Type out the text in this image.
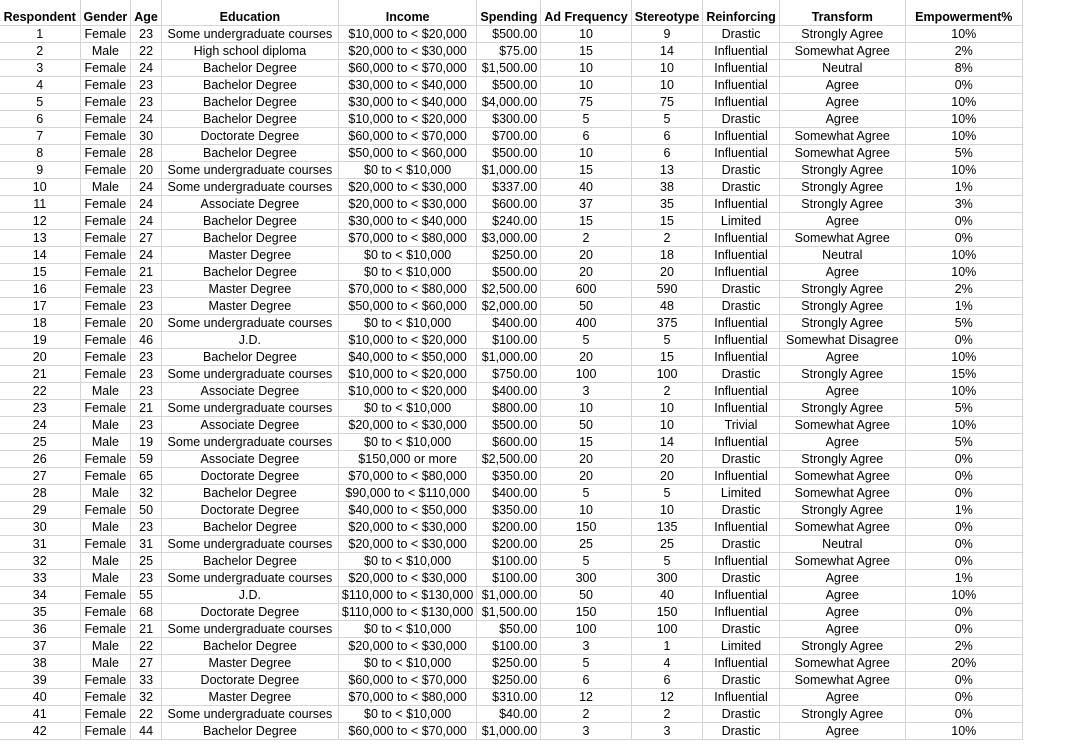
Respondent	Gender	Age	Education	Income	Spending	Ad Frequency	Stereotype	Reinforcing	Transform	Empowerment%
1	Female	23	Some undergraduate courses	$10,000 to < $20,000	$500.00	10	9	Drastic	Strongly Agree	10%
2	Male	22	High school diploma	$20,000 to < $30,000	$75.00	15	14	Influential	Somewhat Agree	2%
3	Female	24	Bachelor Degree	$60,000 to < $70,000	$1,500.00	10	10	Influential	Neutral	8%
4	Female	23	Bachelor Degree	$30,000 to < $40,000	$500.00	10	10	Influential	Agree	0%
5	Female	23	Bachelor Degree	$30,000 to < $40,000	$4,000.00	75	75	Influential	Agree	10%
6	Female	24	Bachelor Degree	$10,000 to < $20,000	$300.00	5	5	Drastic	Agree	10%
7	Female	30	Doctorate Degree	$60,000 to < $70,000	$700.00	6	6	Influential	Somewhat Agree	10%
8	Female	28	Bachelor Degree	$50,000 to < $60,000	$500.00	10	6	Influential	Somewhat Agree	5%
9	Female	20	Some undergraduate courses	$0 to < $10,000	$1,000.00	15	13	Drastic	Strongly Agree	10%
10	Male	24	Some undergraduate courses	$20,000 to < $30,000	$337.00	40	38	Drastic	Strongly Agree	1%
11	Female	24	Associate Degree	$20,000 to < $30,000	$600.00	37	35	Influential	Strongly Agree	3%
12	Female	24	Bachelor Degree	$30,000 to < $40,000	$240.00	15	15	Limited	Agree	0%
13	Female	27	Bachelor Degree	$70,000 to < $80,000	$3,000.00	2	2	Influential	Somewhat Agree	0%
14	Female	24	Master Degree	$0 to < $10,000	$250.00	20	18	Influential	Neutral	10%
15	Female	21	Bachelor Degree	$0 to < $10,000	$500.00	20	20	Influential	Agree	10%
16	Female	23	Master Degree	$70,000 to < $80,000	$2,500.00	600	590	Drastic	Strongly Agree	2%
17	Female	23	Master Degree	$50,000 to < $60,000	$2,000.00	50	48	Drastic	Strongly Agree	1%
18	Female	20	Some undergraduate courses	$0 to < $10,000	$400.00	400	375	Influential	Strongly Agree	5%
19	Female	46	J.D.	$10,000 to < $20,000	$100.00	5	5	Influential	Somewhat Disagree	0%
20	Female	23	Bachelor Degree	$40,000 to < $50,000	$1,000.00	20	15	Influential	Agree	10%
21	Female	23	Some undergraduate courses	$10,000 to < $20,000	$750.00	100	100	Drastic	Strongly Agree	15%
22	Male	23	Associate Degree	$10,000 to < $20,000	$400.00	3	2	Influential	Agree	10%
23	Female	21	Some undergraduate courses	$0 to < $10,000	$800.00	10	10	Influential	Strongly Agree	5%
24	Male	23	Associate Degree	$20,000 to < $30,000	$500.00	50	10	Trivial	Somewhat Agree	10%
25	Male	19	Some undergraduate courses	$0 to < $10,000	$600.00	15	14	Influential	Agree	5%
26	Female	59	Associate Degree	$150,000 or more	$2,500.00	20	20	Drastic	Strongly Agree	0%
27	Female	65	Doctorate Degree	$70,000 to < $80,000	$350.00	20	20	Influential	Somewhat Agree	0%
28	Male	32	Bachelor Degree	$90,000 to < $110,000	$400.00	5	5	Limited	Somewhat Agree	0%
29	Female	50	Doctorate Degree	$40,000 to < $50,000	$350.00	10	10	Drastic	Strongly Agree	1%
30	Male	23	Bachelor Degree	$20,000 to < $30,000	$200.00	150	135	Influential	Somewhat Agree	0%
31	Female	31	Some undergraduate courses	$20,000 to < $30,000	$200.00	25	25	Drastic	Neutral	0%
32	Male	25	Bachelor Degree	$0 to < $10,000	$100.00	5	5	Influential	Somewhat Agree	0%
33	Male	23	Some undergraduate courses	$20,000 to < $30,000	$100.00	300	300	Drastic	Agree	1%
34	Female	55	J.D.	$110,000 to < $130,000	$1,000.00	50	40	Influential	Agree	10%
35	Female	68	Doctorate Degree	$110,000 to < $130,000	$1,500.00	150	150	Influential	Agree	0%
36	Female	21	Some undergraduate courses	$0 to < $10,000	$50.00	100	100	Drastic	Agree	0%
37	Male	22	Bachelor Degree	$20,000 to < $30,000	$100.00	3	1	Limited	Strongly Agree	2%
38	Male	27	Master Degree	$0 to < $10,000	$250.00	5	4	Influential	Somewhat Agree	20%
39	Female	33	Doctorate Degree	$60,000 to < $70,000	$250.00	6	6	Drastic	Somewhat Agree	0%
40	Female	32	Master Degree	$70,000 to < $80,000	$310.00	12	12	Influential	Agree	0%
41	Female	22	Some undergraduate courses	$0 to < $10,000	$40.00	2	2	Drastic	Strongly Agree	0%
42	Female	44	Bachelor Degree	$60,000 to < $70,000	$1,000.00	3	3	Drastic	Agree	10%
